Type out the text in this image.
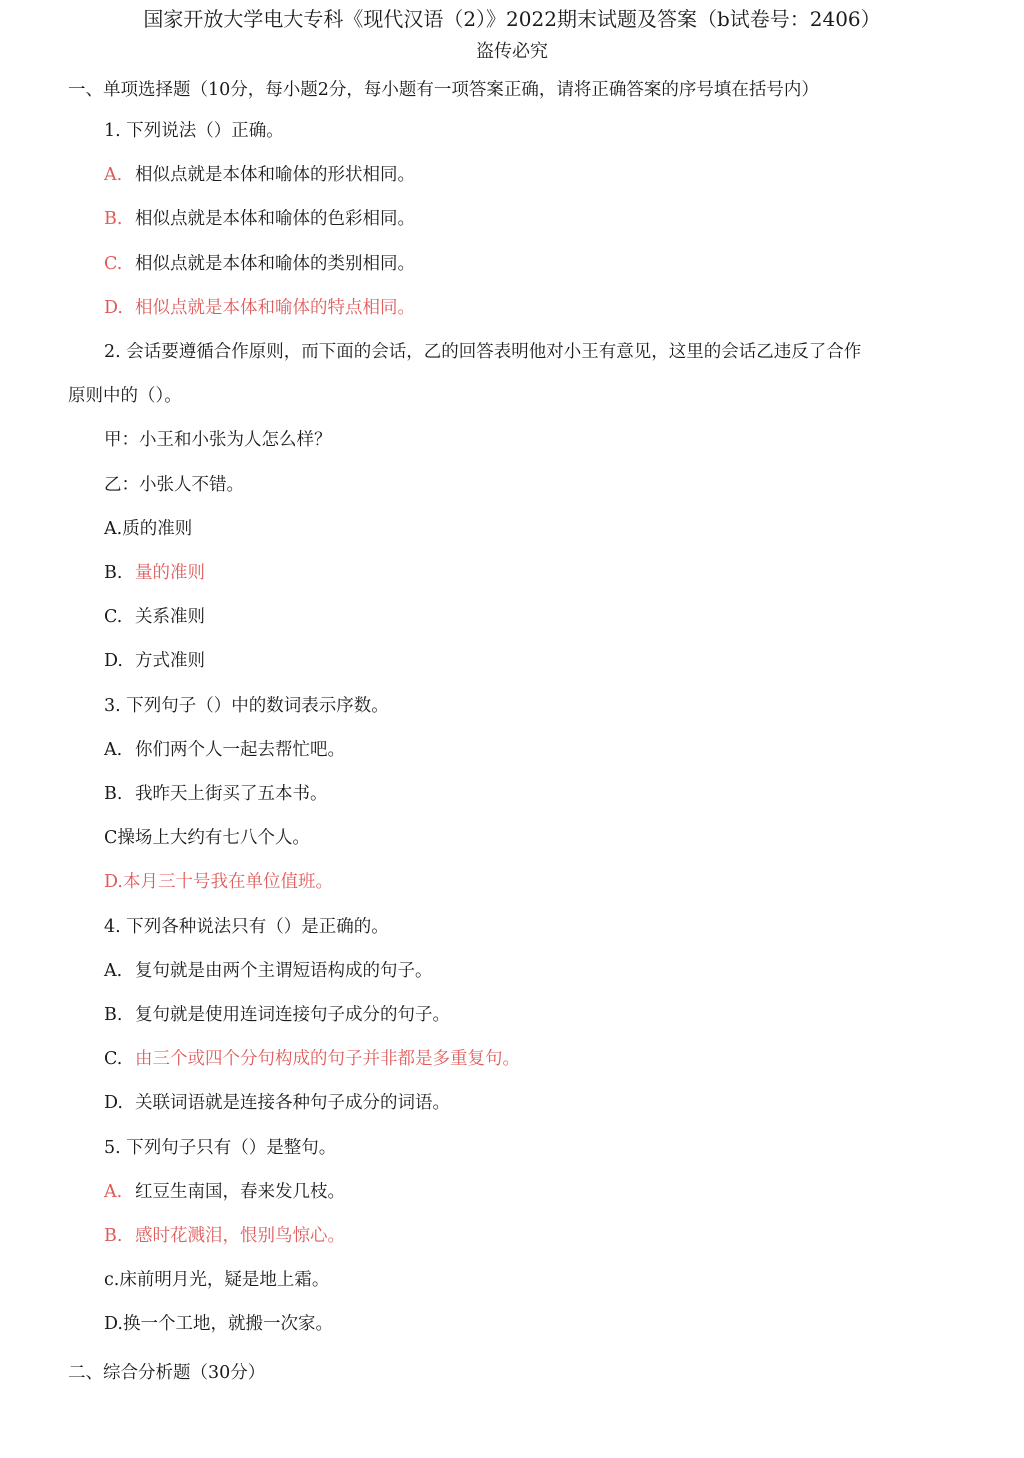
国家开放大学电大专科《现代汉语（2）》2022期末试题及答案（b试卷号：2406）
盗传必究
一、单项选择题（10分，每小题2分，每小题有一项答案正确，请将正确答案的序号填在括号内）
1. 下列说法（）正确。
A. 相似点就是本体和喻体的形状相同。
B. 相似点就是本体和喻体的色彩相同。
C. 相似点就是本体和喻体的类别相同。
D. 相似点就是本体和喻体的特点相同。
2. 会话要遵循合作原则，而下面的会话，乙的回答表明他对小王有意见，这里的会话乙违反了合作
原则中的（）。
甲：小王和小张为人怎么样？
乙：小张人不错。
A.质的准则
B. 量的准则
C. 关系准则
D. 方式准则
3. 下列句子（）中的数词表示序数。
A. 你们两个人一起去帮忙吧。
B. 我昨天上街买了五本书。
C操场上大约有七八个人。
D.本月三十号我在单位值班。
4. 下列各种说法只有（）是正确的。
A. 复句就是由两个主谓短语构成的句子。
B. 复句就是使用连词连接句子成分的句子。
C. 由三个或四个分句构成的句子并非都是多重复句。
D. 关联词语就是连接各种句子成分的词语。
5. 下列句子只有（）是整句。
A. 红豆生南国，春来发几枝。
B. 感时花溅泪，恨别鸟惊心。
c.床前明月光，疑是地上霜。
D.换一个工地，就搬一次家。
二、综合分析题（30分）
